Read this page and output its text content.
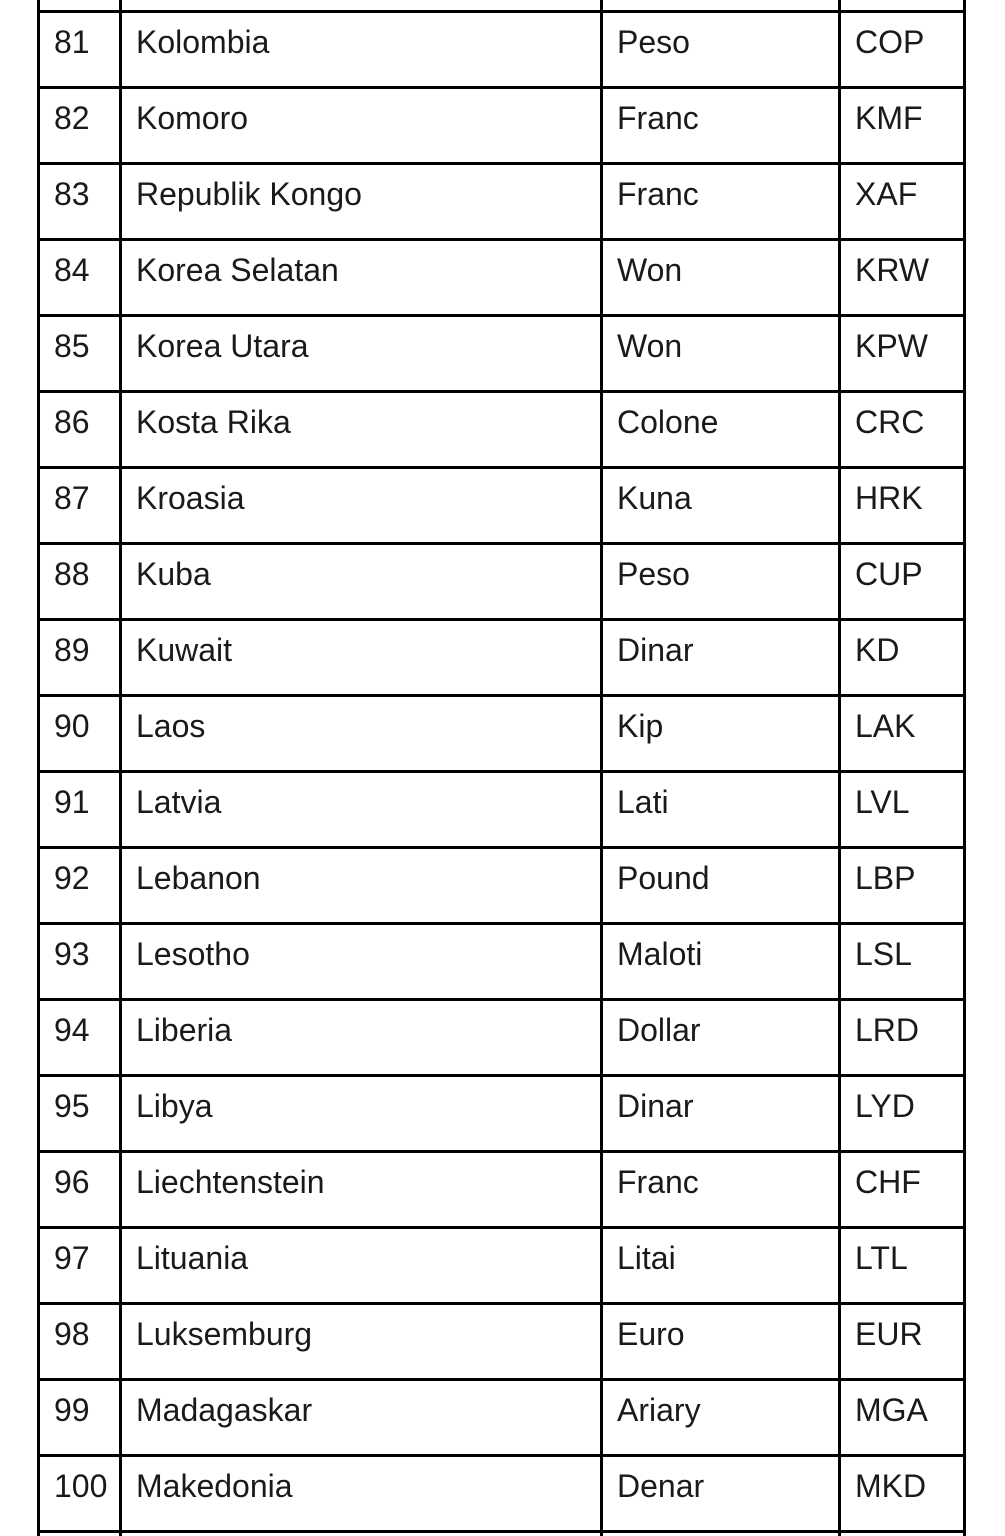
81	Kolombia	Peso	COP
82	Komoro	Franc	KMF
83	Republik Kongo	Franc	XAF
84	Korea Selatan	Won	KRW
85	Korea Utara	Won	KPW
86	Kosta Rika	Colone	CRC
87	Kroasia	Kuna	HRK
88	Kuba	Peso	CUP
89	Kuwait	Dinar	KD
90	Laos	Kip	LAK
91	Latvia	Lati	LVL
92	Lebanon	Pound	LBP
93	Lesotho	Maloti	LSL
94	Liberia	Dollar	LRD
95	Libya	Dinar	LYD
96	Liechtenstein	Franc	CHF
97	Lituania	Litai	LTL
98	Luksemburg	Euro	EUR
99	Madagaskar	Ariary	MGA
100	Makedonia	Denar	MKD
